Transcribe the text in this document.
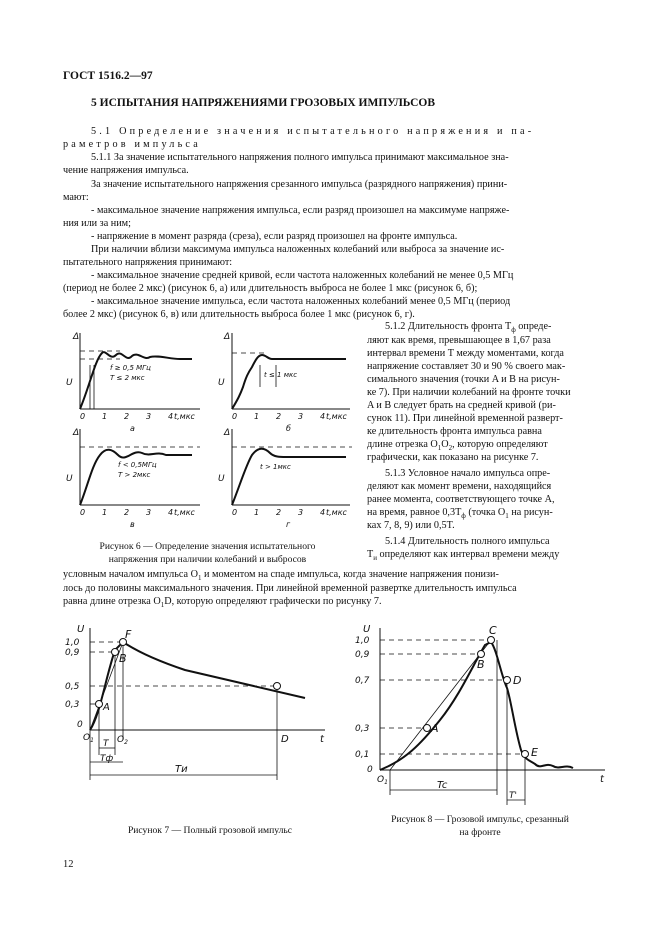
ГОСТ 1516.2—97
5 ИСПЫТАНИЯ НАПРЯЖЕНИЯМИ ГРОЗОВЫХ ИМПУЛЬСОВ
5.1 Определение значения испытательного напряжения и па-
раметров импульса
5.1.1 За значение испытательного напряжения полного импульса принимают максимальное зна-
чение напряжения импульса.
За значение испытательного напряжения срезанного импульса (разрядного напряжения) прини-
мают:
- максимальное значение напряжения импульса, если разряд произошел на максимуме напряже-
ния или за ним;
- напряжение в момент разряда (среза), если разряд произошел на фронте импульса.
При наличии вблизи максимума импульса наложенных колебаний или выброса за значение ис-
пытательного напряжения принимают:
- максимальное значение средней кривой, если частота наложенных колебаний не менее 0,5 МГц
(период не более 2 мкс) (рисунок 6, а) или длительность выброса не более 1 мкс (рисунок 6, б);
- максимальное значение импульса, если частота наложенных колебаний менее 0,5 МГц (период
более 2 мкс) (рисунок 6, в) или длительность выброса более 1 мкс (рисунок 6, г).
5.1.2 Длительность фронта $T_ф$ опреде-
ляют как время, превышающее в 1,67 раза
интервал времени T между моментами, когда
напряжение составляет 30 и 90 % своего мак-
симального значения (точки A и B на рисун-
ке 7). При наличии колебаний на фронте точки
A и B следует брать на средней кривой (ри-
сунок 11). При линейной временной разверт-
ке длительность фронта импульса равна
длине отрезка $O_1O_2$, которую определяют
графически, как показано на рисунке 7.
5.1.3 Условное начало импульса опре-
деляют как момент времени, находящийся
ранее момента, соответствующего точке A,
на время, равное $0,3T_ф$ (точка $O_1$ на рисун-
ках 7, 8, 9) или 0,5T.
5.1.4 Длительность полного импульса
$T_и$ определяют как интервал времени между
условным началом импульса $O_1$ и моментом на спаде импульса, когда значение напряжения понизи-
лось до половины максимального значения. При линейной временной развертке длительность импульса
равна длине отрезка $O_1D$, которую определяют графически по рисунку 7.
U
Δ
f ≥ 0,5 МГц
T ≤ 2 мкс
0 1 2 3 4 t,мкс
а
U
Δ
t ≤ 1 мкс
0 1 2 3 4 t,мкс
б
U
Δ
f < 0,5МГц
T > 2мкс
0 1 2 3 4 t,мкс
в
U
Δ
t > 1мкс
0 1 2 3 4 t,мкс
г
Рисунок 6 — Определение значения испытательного
напряжения при наличии колебаний и выбросов
U
1,0
0,9
0,5
0,3
0
F
B
A
D
$O_1$	$O_2$	t
T
Tф
Tи
Рисунок 7 — Полный грозовой импульс
U
1,0
0,9
0,7
0,3
0,1
0
C
B
D
A
E
$O_1$	t
Tc
T'
Рисунок 8 — Грозовой импульс, срезанный
на фронте
12
